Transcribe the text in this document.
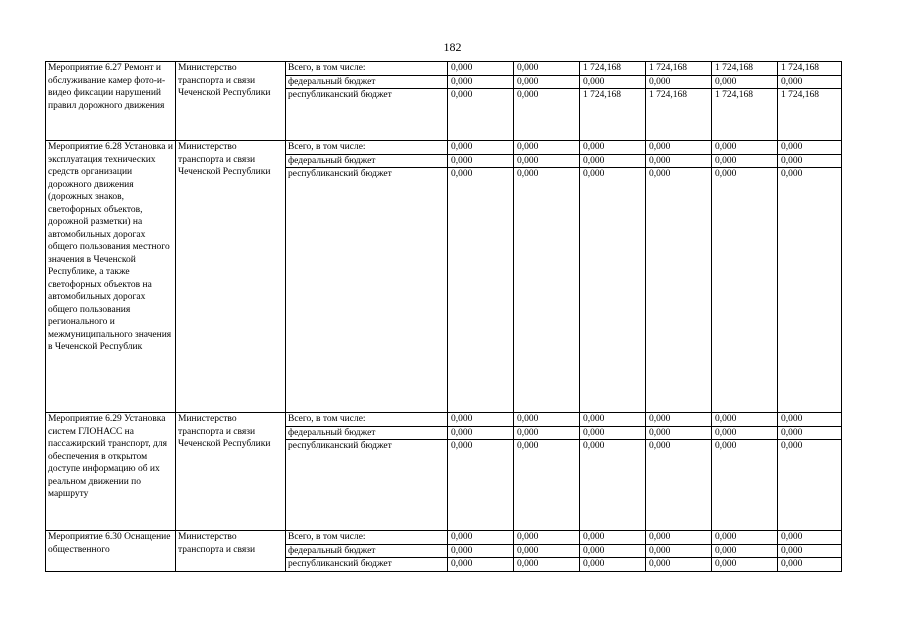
182
Мероприятие 6.27 Ремонт и обслуживание камер фото-и-видео фиксации нарушений правил дорожного движения	Министерство транспорта и связи Чеченской Республики	Всего, в том числе:	0,000	0,000	1 724,168	1 724,168	1 724,168	1 724,168
		федеральный бюджет	0,000	0,000	0,000	0,000	0,000	0,000
		республиканский бюджет	0,000	0,000	1 724,168	1 724,168	1 724,168	1 724,168
Мероприятие 6.28 Установка и эксплуатация технических средств организации дорожного движения (дорожных знаков, светофорных объектов, дорожной разметки) на автомобильных дорогах общего пользования местного значения в Чеченской Республике, а также светофорных объектов на автомобильных дорогах общего пользования регионального и межмуниципального значения в Чеченской Республик	Министерство транспорта и связи Чеченской Республики	Всего, в том числе:	0,000	0,000	0,000	0,000	0,000	0,000
		федеральный бюджет	0,000	0,000	0,000	0,000	0,000	0,000
		республиканский бюджет	0,000	0,000	0,000	0,000	0,000	0,000
Мероприятие 6.29 Установка систем ГЛОНАСС на пассажирский транспорт, для обеспечения в открытом доступе информацию об их реальном движении по маршруту	Министерство транспорта и связи Чеченской Республики	Всего, в том числе:	0,000	0,000	0,000	0,000	0,000	0,000
		федеральный бюджет	0,000	0,000	0,000	0,000	0,000	0,000
		республиканский бюджет	0,000	0,000	0,000	0,000	0,000	0,000
Мероприятие 6.30 Оснащение общественного	Министерство транспорта и связи	Всего, в том числе:	0,000	0,000	0,000	0,000	0,000	0,000
		федеральный бюджет	0,000	0,000	0,000	0,000	0,000	0,000
		республиканский бюджет	0,000	0,000	0,000	0,000	0,000	0,000
